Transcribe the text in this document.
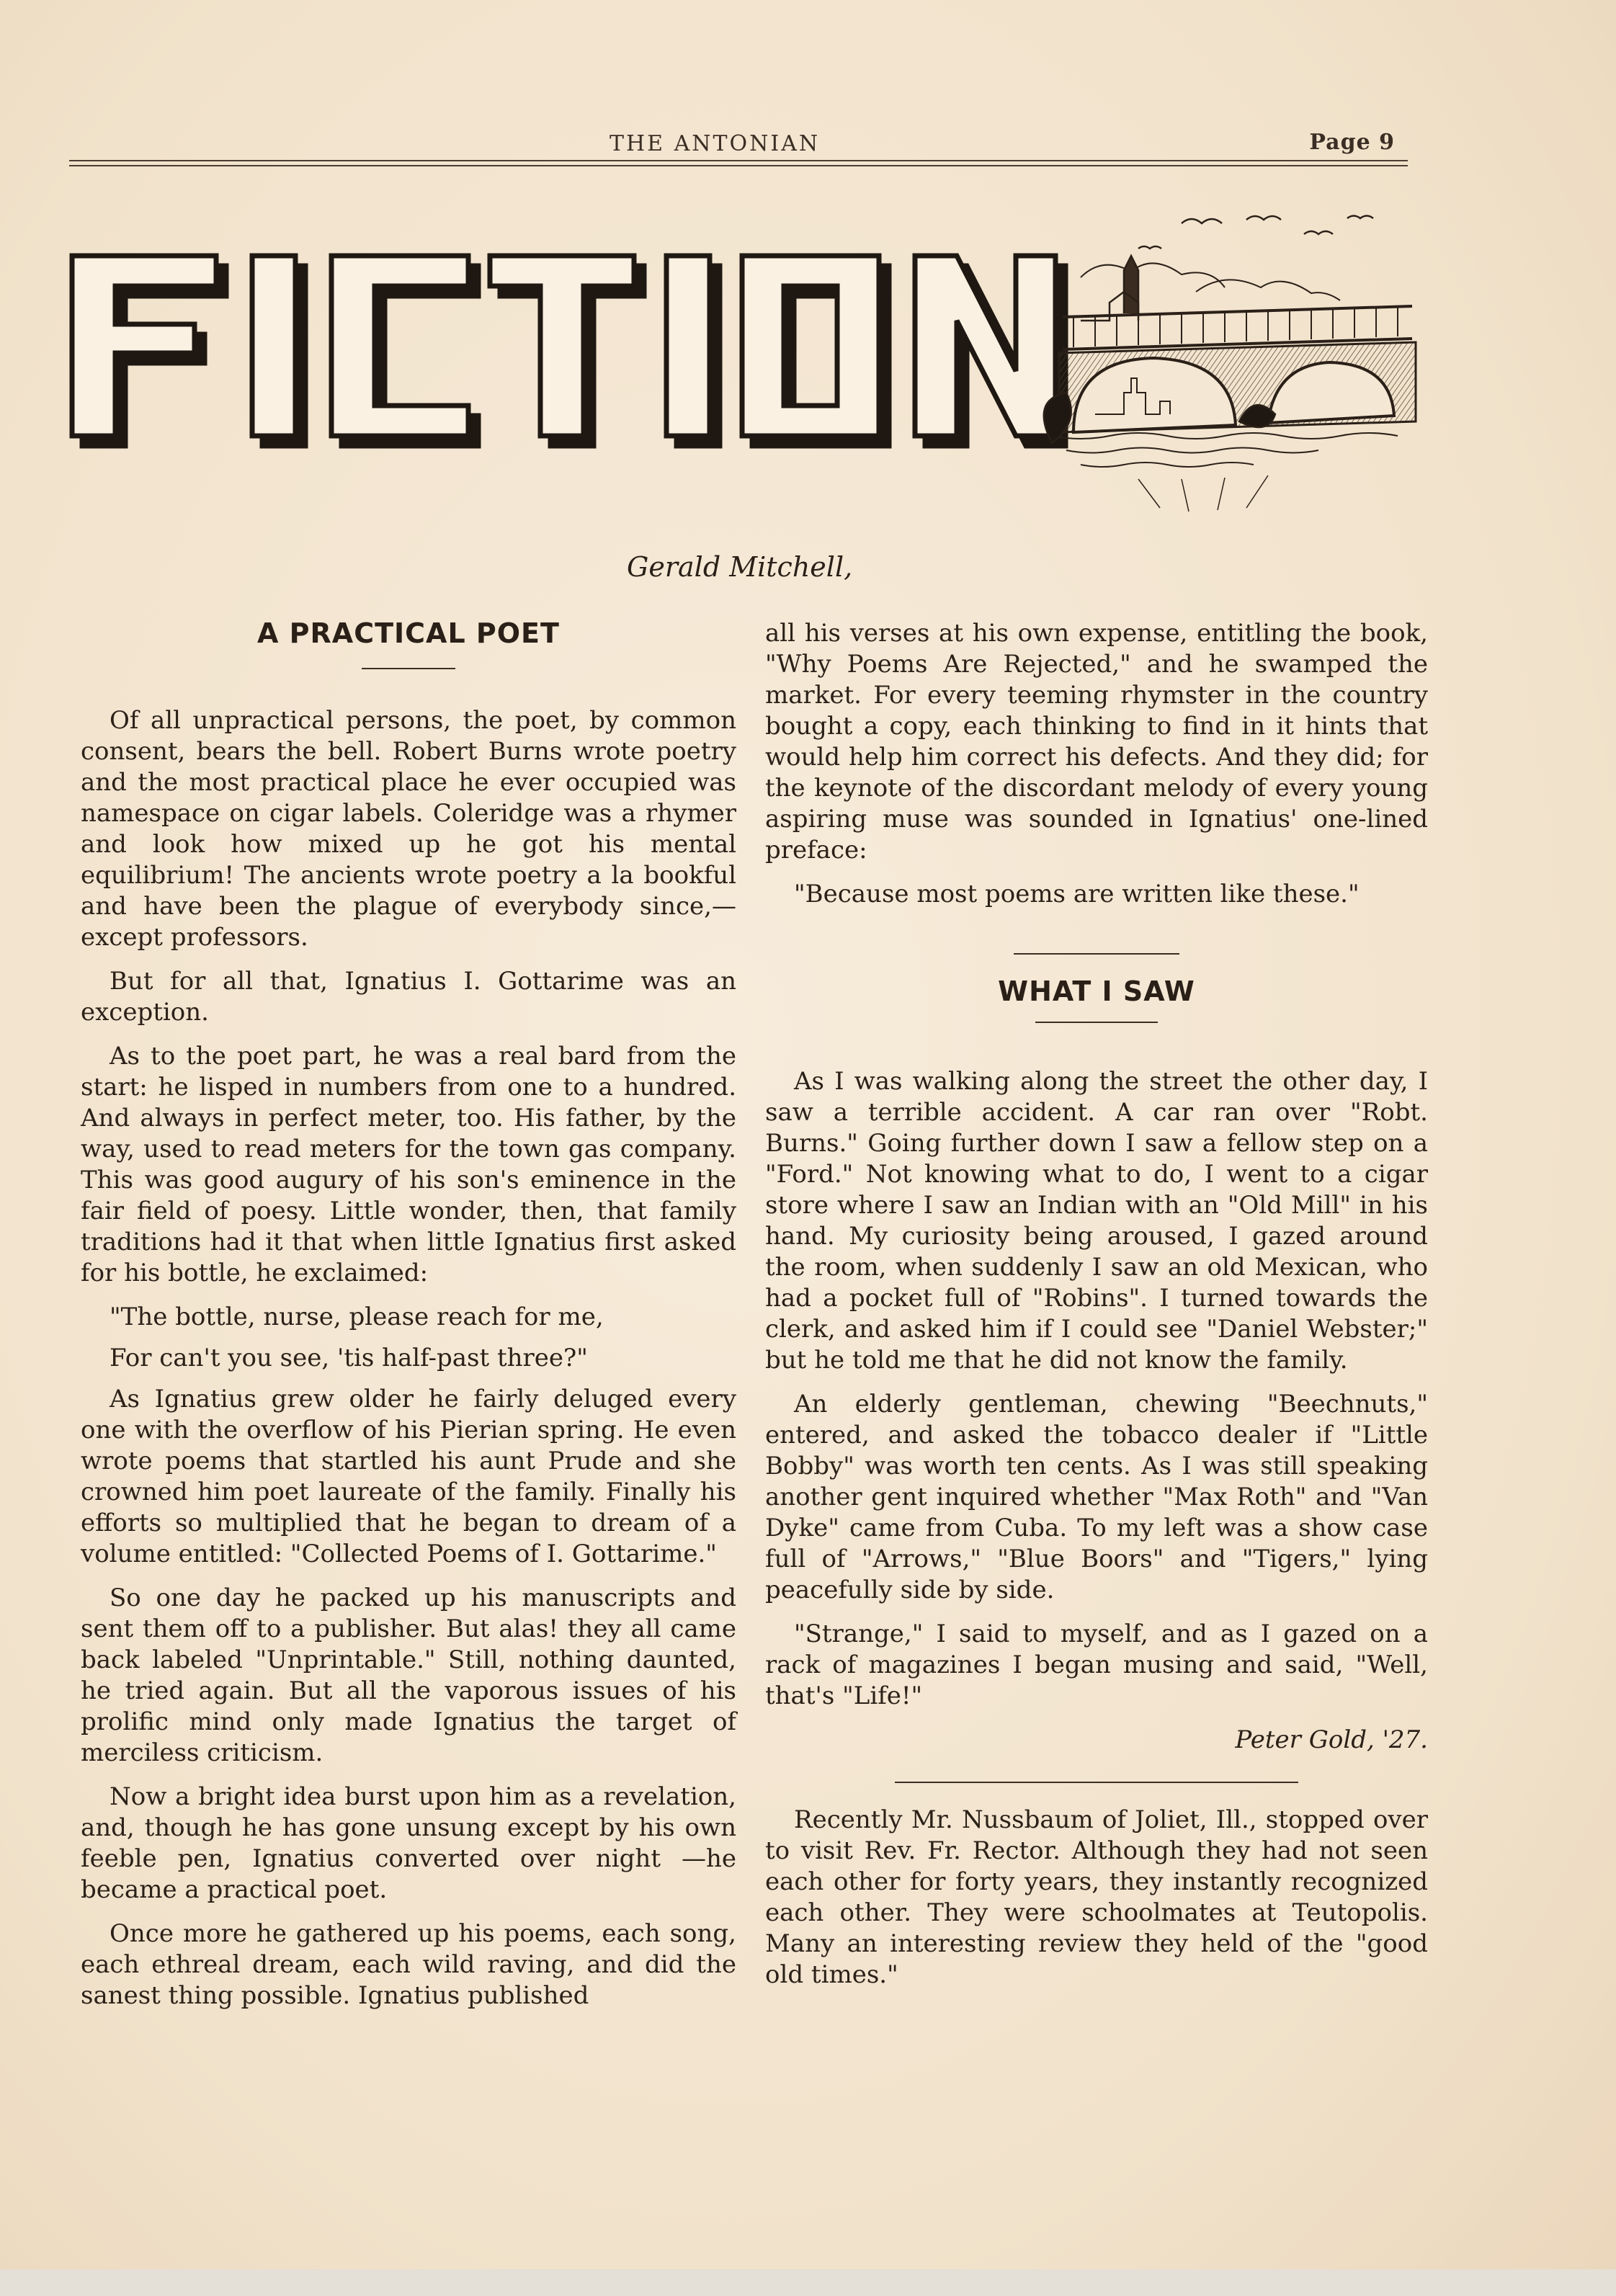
THE ANTONIAN	Page 9
Gerald Mitchell,
A PRACTICAL POET

Of all unpractical persons, the poet, by common consent, bears the bell. Robert Burns wrote poetry and the most practical place he ever occupied was namespace on cigar labels. Coleridge was a rhymer and look how mixed up he got his mental equilibrium! The ancients wrote poetry a la bookful and have been the plague of everybody since,—except professors.

But for all that, Ignatius I. Gottarime was an exception.

As to the poet part, he was a real bard from the start: he lisped in numbers from one to a hundred. And always in perfect meter, too. His father, by the way, used to read meters for the town gas company. This was good augury of his son's eminence in the fair field of poesy. Little wonder, then, that family traditions had it that when little Ignatius first asked for his bottle, he exclaimed:

"The bottle, nurse, please reach for me,

For can't you see, 'tis half-past three?"

As Ignatius grew older he fairly deluged every one with the overflow of his Pierian spring. He even wrote poems that startled his aunt Prude and she crowned him poet laureate of the family. Finally his efforts so multiplied that he began to dream of a volume entitled: "Collected Poems of I. Gottarime."

So one day he packed up his manuscripts and sent them off to a publisher. But alas! they all came back labeled "Unprintable." Still, nothing daunted, he tried again. But all the vaporous issues of his prolific mind only made Ignatius the target of merciless criticism.

Now a bright idea burst upon him as a revelation, and, though he has gone unsung except by his own feeble pen, Ignatius converted over night —he became a practical poet.

Once more he gathered up his poems, each song, each ethreal dream, each wild raving, and did the sanest thing possible. Ignatius published

all his verses at his own expense, entitling the book, "Why Poems Are Rejected," and he swamped the market. For every teeming rhymster in the country bought a copy, each thinking to find in it hints that would help him correct his defects. And they did; for the keynote of the discordant melody of every young aspiring muse was sounded in Ignatius' one-lined preface:

"Because most poems are written like these."

WHAT I SAW

As I was walking along the street the other day, I saw a terrible accident. A car ran over "Robt. Burns." Going further down I saw a fellow step on a "Ford." Not knowing what to do, I went to a cigar store where I saw an Indian with an "Old Mill" in his hand. My curiosity being aroused, I gazed around the room, when suddenly I saw an old Mexican, who had a pocket full of "Robins". I turned towards the clerk, and asked him if I could see "Daniel Webster;" but he told me that he did not know the family.

An elderly gentleman, chewing "Beechnuts," entered, and asked the tobacco dealer if "Little Bobby" was worth ten cents. As I was still speaking another gent inquired whether "Max Roth" and "Van Dyke" came from Cuba. To my left was a show case full of "Arrows," "Blue Boors" and "Tigers," lying peacefully side by side.

"Strange," I said to myself, and as I gazed on a rack of magazines I began musing and said, "Well, that's "Life!"

Peter Gold, '27.

Recently Mr. Nussbaum of Joliet, Ill., stopped over to visit Rev. Fr. Rector. Although they had not seen each other for forty years, they instantly recognized each other. They were schoolmates at Teutopolis. Many an interesting review they held of the "good old times."
